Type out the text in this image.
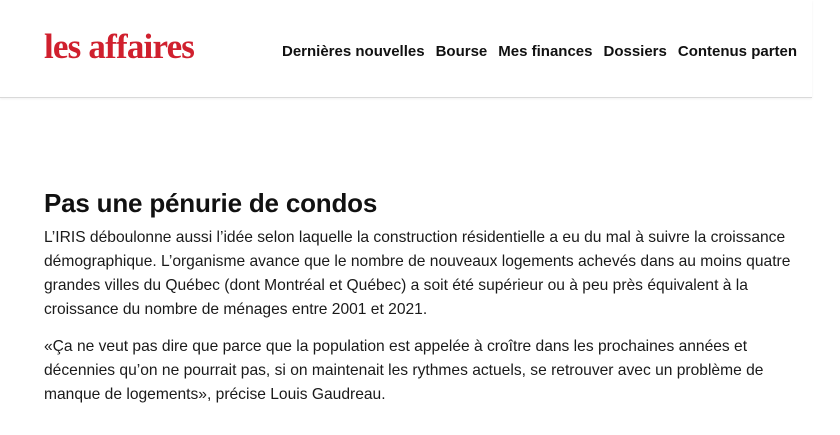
les affaires	Dernières nouvelles Bourse Mes finances Dossiers Contenus parten
Pas une pénurie de condos

L’IRIS déboulonne aussi l’idée selon laquelle la construction résidentielle a eu du mal à suivre la croissance démographique. L’organisme avance que le nombre de nouveaux logements achevés dans au moins quatre grandes villes du Québec (dont Montréal et Québec) a soit été supérieur ou à peu près équivalent à la croissance du nombre de ménages entre 2001 et 2021.

«Ça ne veut pas dire que parce que la population est appelée à croître dans les prochaines années et décennies qu’on ne pourrait pas, si on maintenait les rythmes actuels, se retrouver avec un problème de manque de logements», précise Louis Gaudreau.
